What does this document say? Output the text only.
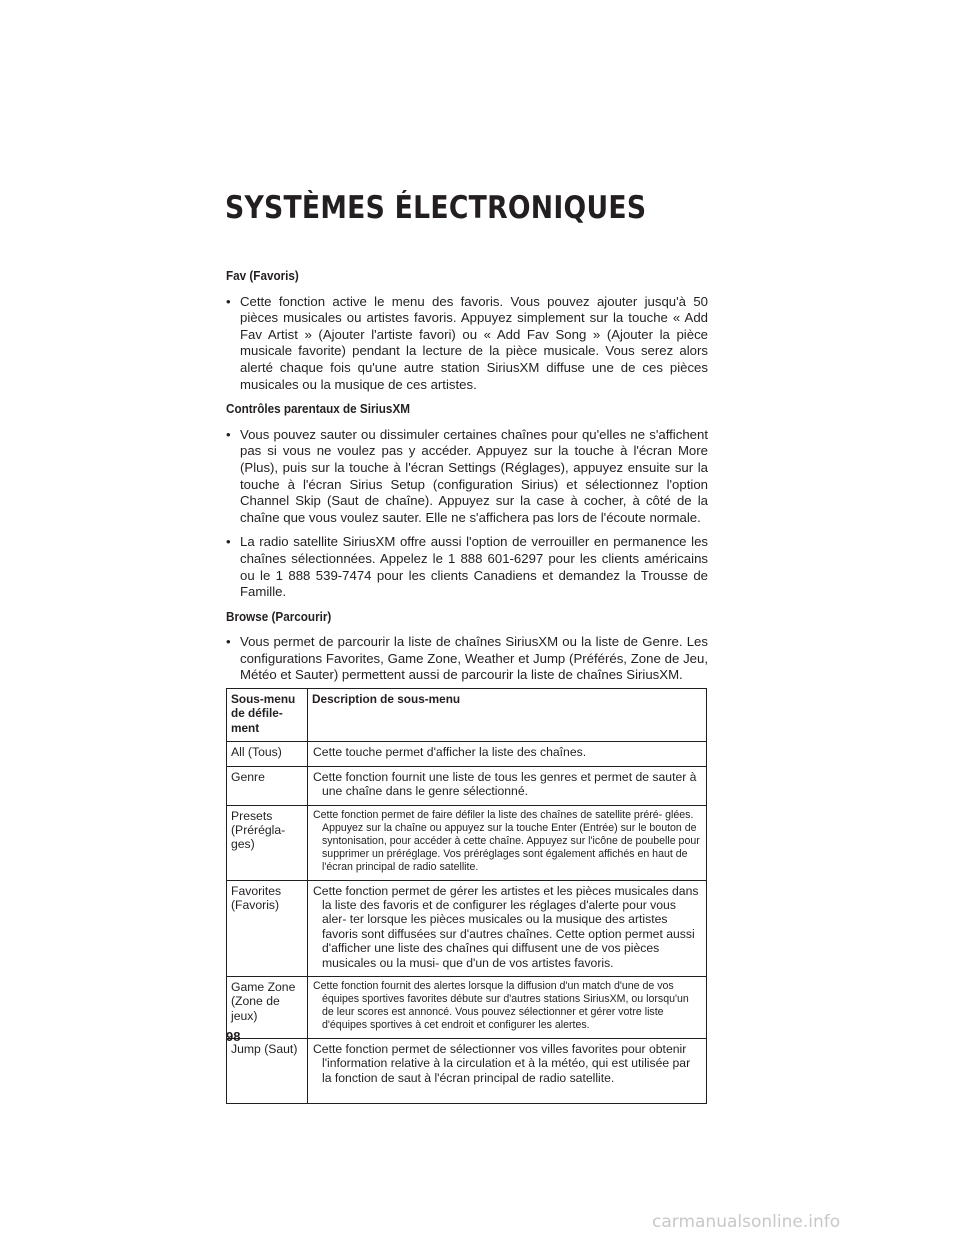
SYSTÈMES ÉLECTRONIQUES
Fav (Favoris)
• Cette fonction active le menu des favoris. Vous pouvez ajouter jusqu'à 50 pièces musicales ou artistes favoris. Appuyez simplement sur la touche « Add Fav Artist » (Ajouter l'artiste favori) ou « Add Fav Song » (Ajouter la pièce musicale favorite) pendant la lecture de la pièce musicale. Vous serez alors alerté chaque fois qu'une autre station SiriusXM diffuse une de ces pièces musicales ou la musique de ces artistes.
Contrôles parentaux de SiriusXM
• Vous pouvez sauter ou dissimuler certaines chaînes pour qu'elles ne s'affichent pas si vous ne voulez pas y accéder. Appuyez sur la touche à l'écran More (Plus), puis sur la touche à l'écran Settings (Réglages), appuyez ensuite sur la touche à l'écran Sirius Setup (configuration Sirius) et sélectionnez l'option Channel Skip (Saut de chaîne). Appuyez sur la case à cocher, à côté de la chaîne que vous voulez sauter. Elle ne s'affichera pas lors de l'écoute normale.
• La radio satellite SiriusXM offre aussi l'option de verrouiller en permanence les chaînes sélectionnées. Appelez le 1 888 601-6297 pour les clients américains ou le 1 888 539-7474 pour les clients Canadiens et demandez la Trousse de Famille.
Browse (Parcourir)
• Vous permet de parcourir la liste de chaînes SiriusXM ou la liste de Genre. Les configurations Favorites, Game Zone, Weather et Jump (Préférés, Zone de Jeu, Météo et Sauter) permettent aussi de parcourir la liste de chaînes SiriusXM.
Sous-menu de défile- ment	Description de sous-menu
All (Tous)	Cette touche permet d'afficher la liste des chaînes.
Genre	Cette fonction fournit une liste de tous les genres et permet de sauter à une chaîne dans le genre sélectionné.
Presets (Prérégla- ges)	Cette fonction permet de faire défiler la liste des chaînes de satellite préré- glées. Appuyez sur la chaîne ou appuyez sur la touche Enter (Entrée) sur le bouton de syntonisation, pour accéder à cette chaîne. Appuyez sur l'icône de poubelle pour supprimer un préréglage. Vos préréglages sont également affichés en haut de l'écran principal de radio satellite.
Favorites (Favoris)	Cette fonction permet de gérer les artistes et les pièces musicales dans la liste des favoris et de configurer les réglages d'alerte pour vous aler- ter lorsque les pièces musicales ou la musique des artistes favoris sont diffusées sur d'autres chaînes. Cette option permet aussi d'afficher une liste des chaînes qui diffusent une de vos pièces musicales ou la musi- que d'un de vos artistes favoris.
Game Zone (Zone de jeux)	Cette fonction fournit des alertes lorsque la diffusion d'un match d'une de vos équipes sportives favorites débute sur d'autres stations SiriusXM, ou lorsqu'un de leur scores est annoncé. Vous pouvez sélectionner et gérer votre liste d'équipes sportives à cet endroit et configurer les alertes.
Jump (Saut)	Cette fonction permet de sélectionner vos villes favorites pour obtenir l'information relative à la circulation et à la météo, qui est utilisée par la fonction de saut à l'écran principal de radio satellite.

98

carmanualsonline.info
